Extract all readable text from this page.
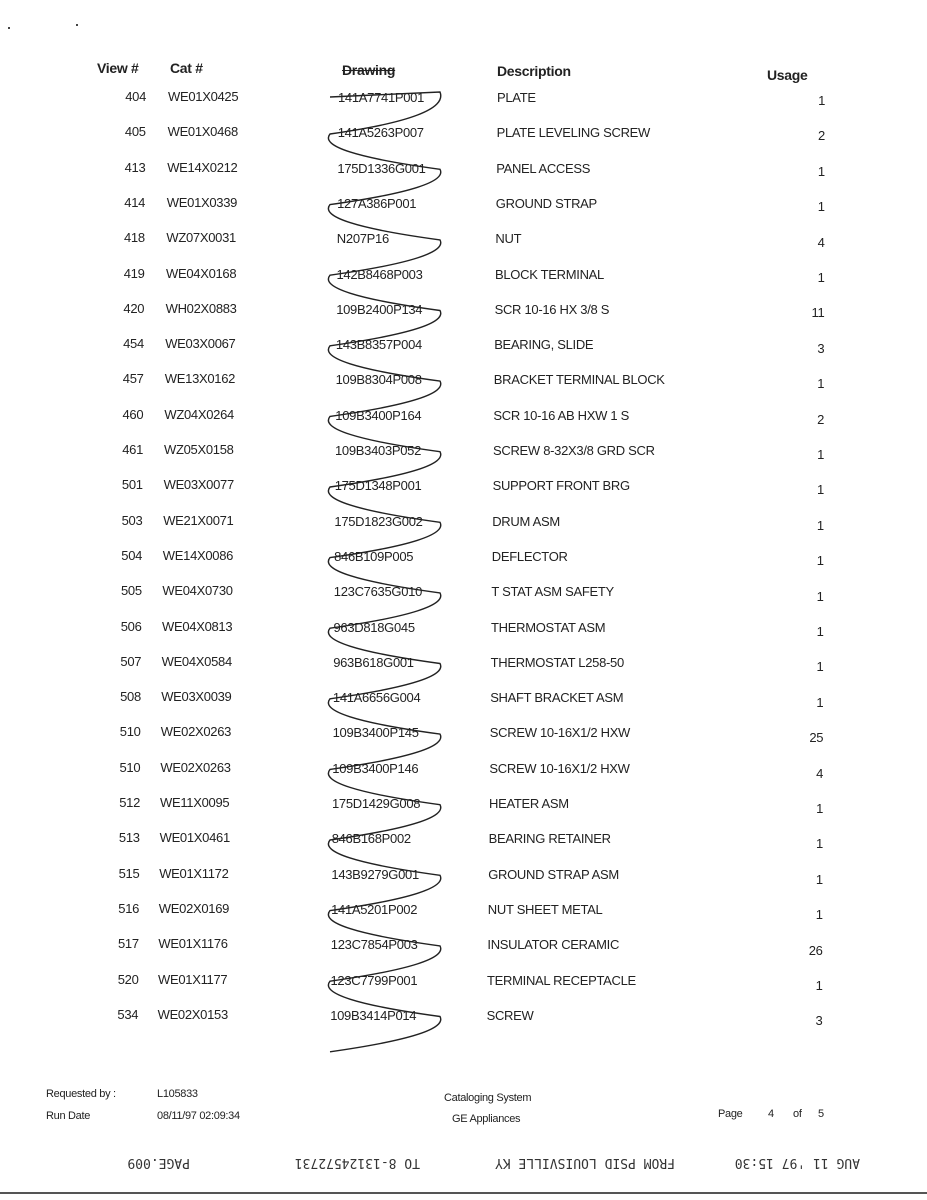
View # Cat #	Drawing	Description	Usage
404 WE01X0425	141A7741P001	PLATE	1
405 WE01X0468	141A5263P007	PLATE LEVELING SCREW	2
413 WE14X0212	175D1336G001	PANEL ACCESS	1
414 WE01X0339	127A386P001	GROUND STRAP	1
418 WZ07X0031	N207P16	NUT	4
419 WE04X0168	142B8468P003	BLOCK TERMINAL	1
420 WH02X0883	109B2400P134	SCR 10-16 HX 3/8 S	11
454 WE03X0067	143B8357P004	BEARING, SLIDE	3
457 WE13X0162	109B8304P008	BRACKET TERMINAL BLOCK	1
460 WZ04X0264	109B3400P164	SCR 10-16 AB HXW 1 S	2
461 WZ05X0158	109B3403P052	SCREW 8-32X3/8 GRD SCR	1
501 WE03X0077	175D1348P001	SUPPORT FRONT BRG	1
503 WE21X0071	175D1823G002	DRUM ASM	1
504 WE14X0086	846B109P005	DEFLECTOR	1
505 WE04X0730	123C7635G010	T STAT ASM SAFETY	1
506 WE04X0813	963D818G045	THERMOSTAT ASM	1
507 WE04X0584	963B618G001	THERMOSTAT L258-50	1
508 WE03X0039	141A6656G004	SHAFT BRACKET ASM	1
510 WE02X0263	109B3400P145	SCREW 10-16X1/2 HXW	25
510 WE02X0263	109B3400P146	SCREW 10-16X1/2 HXW	4
512 WE11X0095	175D1429G008	HEATER ASM	1
513 WE01X0461	846B168P002	BEARING RETAINER	1
515 WE01X1172	143B9279G001	GROUND STRAP ASM	1
516 WE02X0169	141A5201P002	NUT SHEET METAL	1
517 WE01X1176	123C7854P003	INSULATOR CERAMIC	26
520 WE01X1177	123C7799P001	TERMINAL RECEPTACLE	1
534 WE02X0153	109B3414P014	SCREW	3
Requested by :	L105833
Run Date	08/11/97 02:09:34
Cataloging System
GE Appliances	Page 4 of 5
AUG 11 '97 15:30
FROM PSID LOUISVILLE KY
TO 8-13124572731
PAGE.009
